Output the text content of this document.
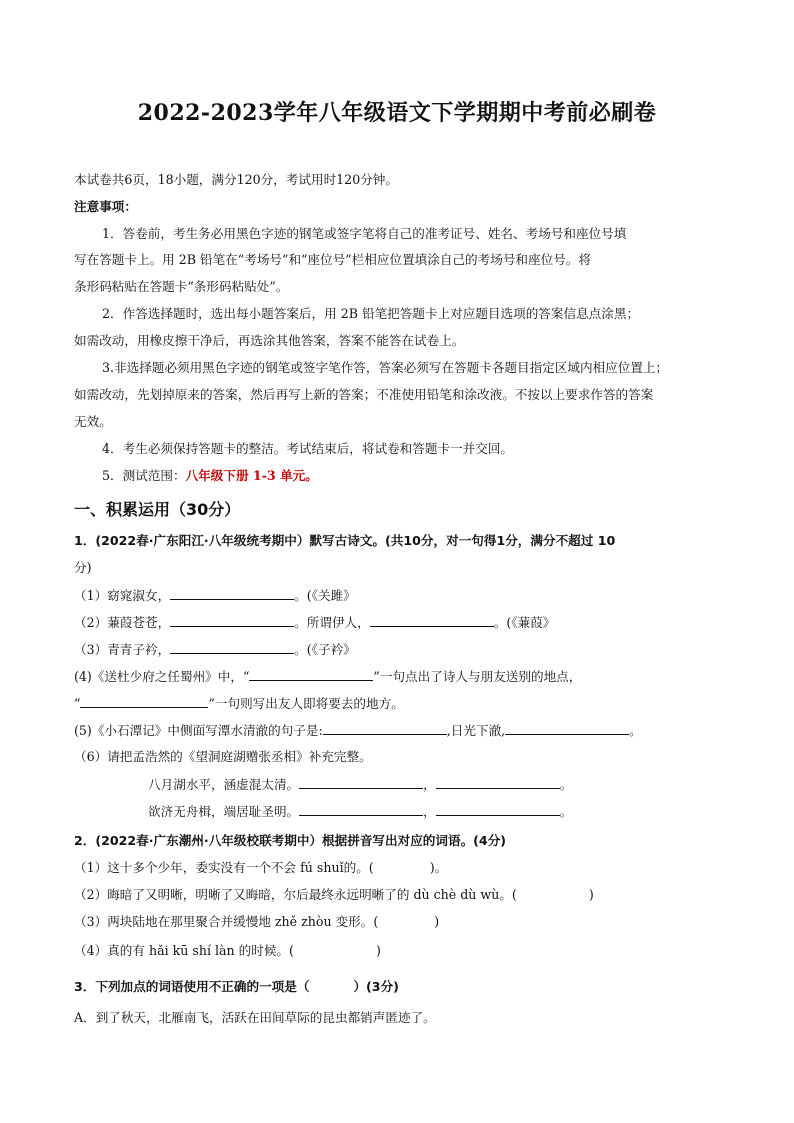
2022-2023学年八年级语文下学期期中考前必刷卷
本试卷共6页，18小题，满分120分，考试用时120分钟。
注意事项：
1．答卷前，考生务必用黑色字迹的钢笔或签字笔将自己的准考证号、姓名、考场号和座位号填
写在答题卡上。用 2B 铅笔在“考场号”和“座位号”栏相应位置填涂自己的考场号和座位号。将
条形码粘贴在答题卡“条形码粘贴处”。
2．作答选择题时，选出每小题答案后，用 2B 铅笔把答题卡上对应题目选项的答案信息点涂黑；
如需改动，用橡皮擦干净后，再选涂其他答案，答案不能答在试卷上。
3.非选择题必须用黑色字迹的钢笔或签字笔作答，答案必须写在答题卡各题目指定区域内相应位置上；
如需改动，先划掉原来的答案，然后再写上新的答案；不准使用铅笔和涂改液。不按以上要求作答的答案
无效。
4．考生必须保持答题卡的整洁。考试结束后，将试卷和答题卡一并交回。
5．测试范围：八年级下册 1-3 单元。
一、积累运用（30分）
1．(2022春·广东阳江·八年级统考期中）默写古诗文。(共10分，对一句得1分，满分不超过 10
分)
（1）窈窕淑女，	。(《关雎》
（2）蒹葭苍苍，	。所谓伊人，	。(《蒹葭》
（3）青青子衿，	。(《子衿》
(4)《送杜少府之任蜀州》中，“	”一句点出了诗人与朋友送别的地点，
“	”一句则写出友人即将要去的地方。
(5)《小石潭记》中侧面写潭水清澈的句子是:	,日光下澈,	。
（6）请把孟浩然的《望洞庭湖赠张丞相》补充完整。
八月湖水平，涵虚混太清。	，	。
欲济无舟楫，端居耻圣明。	，	。
2．(2022春·广东潮州·八年级校联考期中）根据拼音写出对应的词语。(4分)
（1）这十多个少年，委实没有一个不会 fú shuǐ的。(	)。
（2）晦暗了又明晰，明晰了又晦暗，尔后最终永远明晰了的 dù chè dù wù。(	)
（3）两块陆地在那里聚合并缓慢地 zhě zhòu 变形。(	)
（4）真的有 hǎi kū shí làn 的时候。(	)
3．下列加点的词语使用不正确的一项是（	）(3分)
A．到了秋天，北雁南飞，活跃在田间草际的昆虫都销声匿迹了。
